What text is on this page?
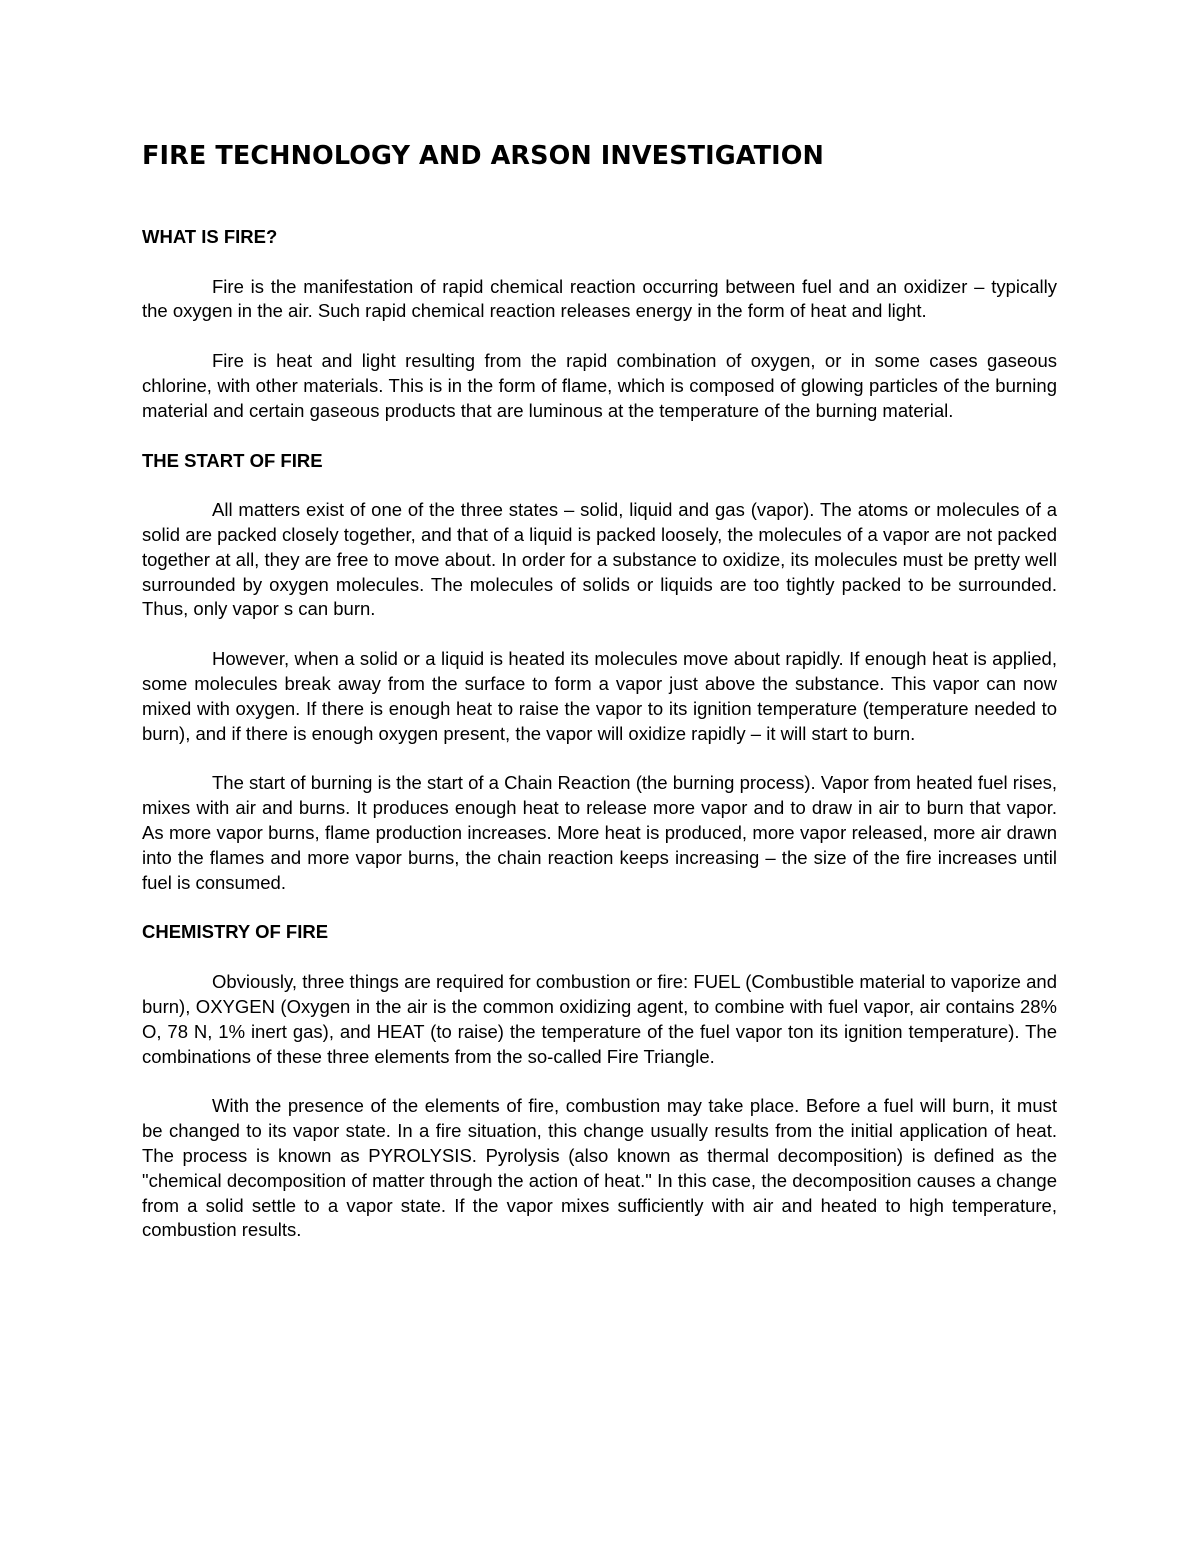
FIRE TECHNOLOGY AND ARSON INVESTIGATION
WHAT IS FIRE?

Fire is the manifestation of rapid chemical reaction occurring between fuel and an oxidizer – typically the oxygen in the air. Such rapid chemical reaction releases energy in the form of heat and light.

Fire is heat and light resulting from the rapid combination of oxygen, or in some cases gaseous chlorine, with other materials. This is in the form of flame, which is composed of glowing particles of the burning material and certain gaseous products that are luminous at the temperature of the burning material.

THE START OF FIRE

All matters exist of one of the three states – solid, liquid and gas (vapor). The atoms or molecules of a solid are packed closely together, and that of a liquid is packed loosely, the molecules of a vapor are not packed together at all, they are free to move about. In order for a substance to oxidize, its molecules must be pretty well surrounded by oxygen molecules. The molecules of solids or liquids are too tightly packed to be surrounded. Thus, only vapor s can burn.

However, when a solid or a liquid is heated its molecules move about rapidly. If enough heat is applied, some molecules break away from the surface to form a vapor just above the substance. This vapor can now mixed with oxygen. If there is enough heat to raise the vapor to its ignition temperature (temperature needed to burn), and if there is enough oxygen present, the vapor will oxidize rapidly – it will start to burn.

The start of burning is the start of a Chain Reaction (the burning process). Vapor from heated fuel rises, mixes with air and burns. It produces enough heat to release more vapor and to draw in air to burn that vapor. As more vapor burns, flame production increases. More heat is produced, more vapor released, more air drawn into the flames and more vapor burns, the chain reaction keeps increasing – the size of the fire increases until fuel is consumed.

CHEMISTRY OF FIRE

Obviously, three things are required for combustion or fire: FUEL (Combustible material to vaporize and burn), OXYGEN (Oxygen in the air is the common oxidizing agent, to combine with fuel vapor, air contains 28% O, 78 N, 1% inert gas), and HEAT (to raise) the temperature of the fuel vapor ton its ignition temperature). The combinations of these three elements from the so-called Fire Triangle.

With the presence of the elements of fire, combustion may take place. Before a fuel will burn, it must be changed to its vapor state. In a fire situation, this change usually results from the initial application of heat. The process is known as PYROLYSIS. Pyrolysis (also known as thermal decomposition) is defined as the "chemical decomposition of matter through the action of heat." In this case, the decomposition causes a change from a solid settle to a vapor state. If the vapor mixes sufficiently with air and heated to high temperature, combustion results.
